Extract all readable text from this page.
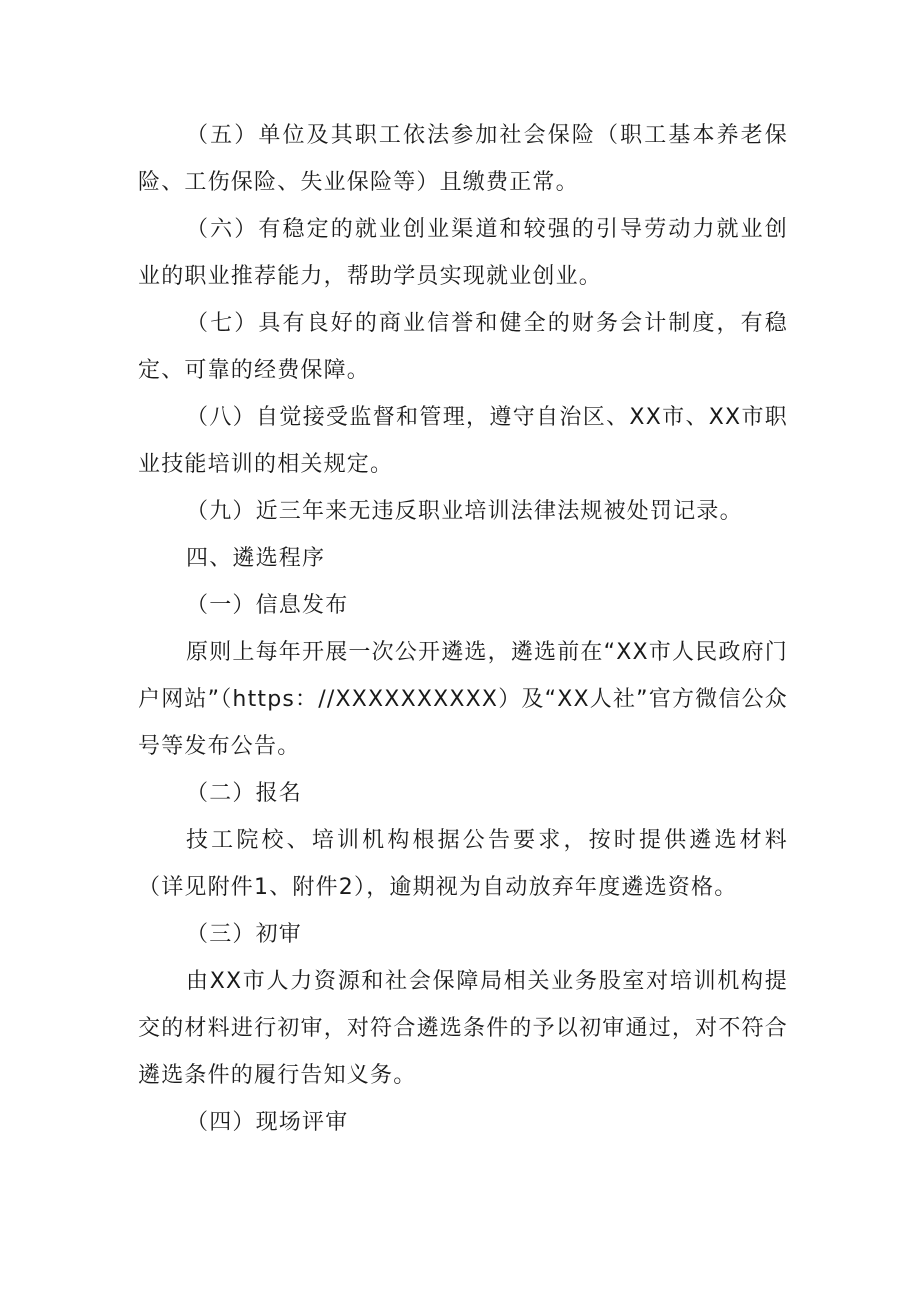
（五）单位及其职工依法参加社会保险（职工基本养老保险、工伤保险、失业保险等）且缴费正常。

（六）有稳定的就业创业渠道和较强的引导劳动力就业创业的职业推荐能力，帮助学员实现就业创业。

（七）具有良好的商业信誉和健全的财务会计制度，有稳定、可靠的经费保障。

（八）自觉接受监督和管理，遵守自治区、XX市、XX市职业技能培训的相关规定。

（九）近三年来无违反职业培训法律法规被处罚记录。

四、遴选程序

（一）信息发布

原则上每年开展一次公开遴选，遴选前在“XX市人民政府门户网站”（https：//XXXXXXXXXX）及“XX人社”官方微信公众号等发布公告。

（二）报名

技工院校、培训机构根据公告要求，按时提供遴选材料（详见附件1、附件2），逾期视为自动放弃年度遴选资格。

（三）初审

由XX市人力资源和社会保障局相关业务股室对培训机构提交的材料进行初审，对符合遴选条件的予以初审通过，对不符合遴选条件的履行告知义务。

（四）现场评审
